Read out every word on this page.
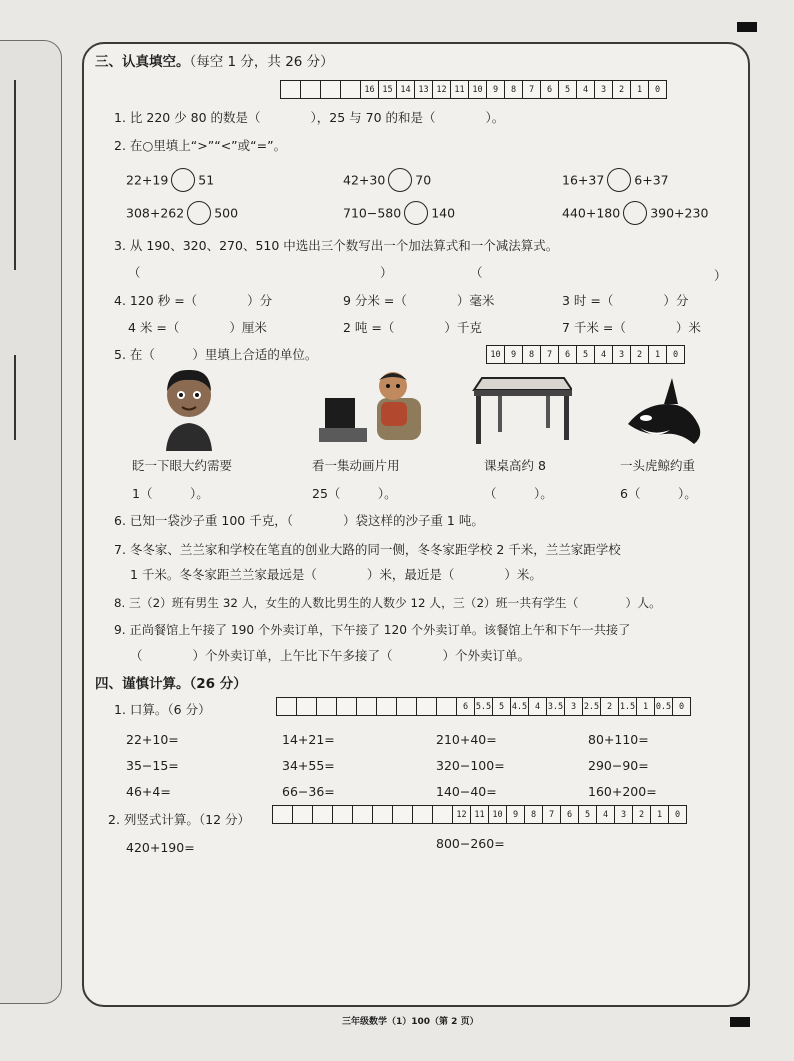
三、认真填空。（每空 1 分，共 26 分）
16 15 14 13 12 11 10	9	8	7	6	5	4	3	2	1	0
1. 比 220 少 80 的数是（　　　　），25 与 70 的和是（　　　　）。
2. 在○里填上“>”“<”或“=”。
22+19 51	42+30 70	16+37 6+37
308+262 500	710−580 140	440+180 390+230
3. 从 190、320、270、510 中选出三个数写出一个加法算式和一个减法算式。
（	）	（	）
4. 120 秒 =（　　　　）分	9 分米 =（　　　　）毫米	3 时 =（　　　　）分
4 米 =（　　　　）厘米	2 吨 =（　　　　）千克	7 千米 =（　　　　）米
5. 在（　　　）里填上合适的单位。	10	9	8	7	6	5	4	3	2	1	0
眨一下眼大约需要	看一集动画片用	课桌高约 8	一头虎鲸约重
1（　　　）。	25（　　　）。	（　　　）。	6（　　　）。
6. 已知一袋沙子重 100 千克，（　　　　）袋这样的沙子重 1 吨。
7. 冬冬家、兰兰家和学校在笔直的创业大路的同一侧，冬冬家距学校 2 千米，兰兰家距学校
1 千米。冬冬家距兰兰家最远是（　　　　）米，最近是（　　　　）米。
8. 三（2）班有男生 32 人，女生的人数比男生的人数少 12 人，三（2）班一共有学生（　　　　）人。
9. 正尚餐馆上午接了 190 个外卖订单，下午接了 120 个外卖订单。该餐馆上午和下午一共接了
（　　　　）个外卖订单，上午比下午多接了（　　　　）个外卖订单。
四、谨慎计算。（26 分）
1. 口算。（6 分）	6 5.5 5 4.5 4 3.5 3 2.5 2 1.5 1 0.5 0
22+10=	14+21=	210+40=	80+110=
35−15=	34+55=	320−100=	290−90=
46+4=	66−36=	140−40=	160+200=
2. 列竖式计算。（12 分）	12 11 10	9	8	7	6	5	4	3	2	1	0
420+190=	800−260=
三年级数学（1）100（第 2 页）
